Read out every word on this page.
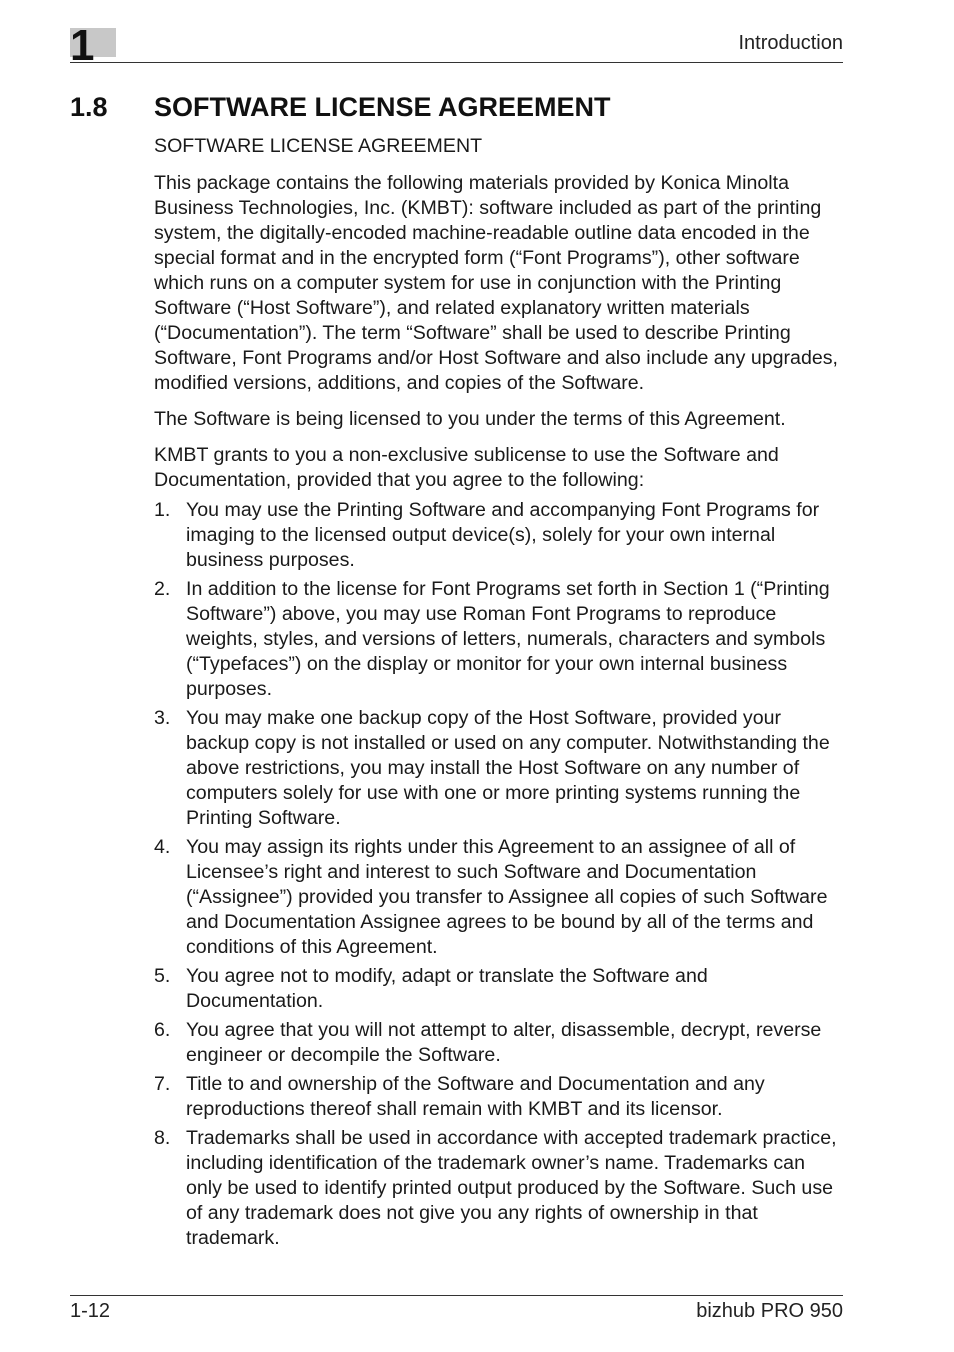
1	Introduction
1.8 SOFTWARE LICENSE AGREEMENT

SOFTWARE LICENSE AGREEMENT

This package contains the following materials provided by Konica Minolta Business Technologies, Inc. (KMBT): software included as part of the printing system, the digitally-encoded machine-readable outline data encoded in the special format and in the encrypted form (“Font Programs”), other software which runs on a computer system for use in conjunction with the Printing Software (“Host Software”), and related explanatory written materials (“Documentation”). The term “Software” shall be used to describe Printing Software, Font Programs and/or Host Software and also include any upgrades, modified versions, additions, and copies of the Software.

The Software is being licensed to you under the terms of this Agreement.

KMBT grants to you a non-exclusive sublicense to use the Software and Documentation, provided that you agree to the following:

1. You may use the Printing Software and accompanying Font Programs for imaging to the licensed output device(s), solely for your own internal business purposes.
2. In addition to the license for Font Programs set forth in Section 1 (“Printing Software”) above, you may use Roman Font Programs to reproduce weights, styles, and versions of letters, numerals, characters and symbols (“Typefaces”) on the display or monitor for your own internal business purposes.
3. You may make one backup copy of the Host Software, provided your backup copy is not installed or used on any computer. Notwithstanding the above restrictions, you may install the Host Software on any number of computers solely for use with one or more printing systems running the Printing Software.
4. You may assign its rights under this Agreement to an assignee of all of Licensee’s right and interest to such Software and Documentation (“Assignee”) provided you transfer to Assignee all copies of such Software and Documentation Assignee agrees to be bound by all of the terms and conditions of this Agreement.
5. You agree not to modify, adapt or translate the Software and Documentation.
6. You agree that you will not attempt to alter, disassemble, decrypt, reverse engineer or decompile the Software.
7. Title to and ownership of the Software and Documentation and any reproductions thereof shall remain with KMBT and its licensor.
8. Trademarks shall be used in accordance with accepted trademark practice, including identification of the trademark owner’s name. Trademarks can only be used to identify printed output produced by the Software. Such use of any trademark does not give you any rights of ownership in that trademark.
1-12	bizhub PRO 950
